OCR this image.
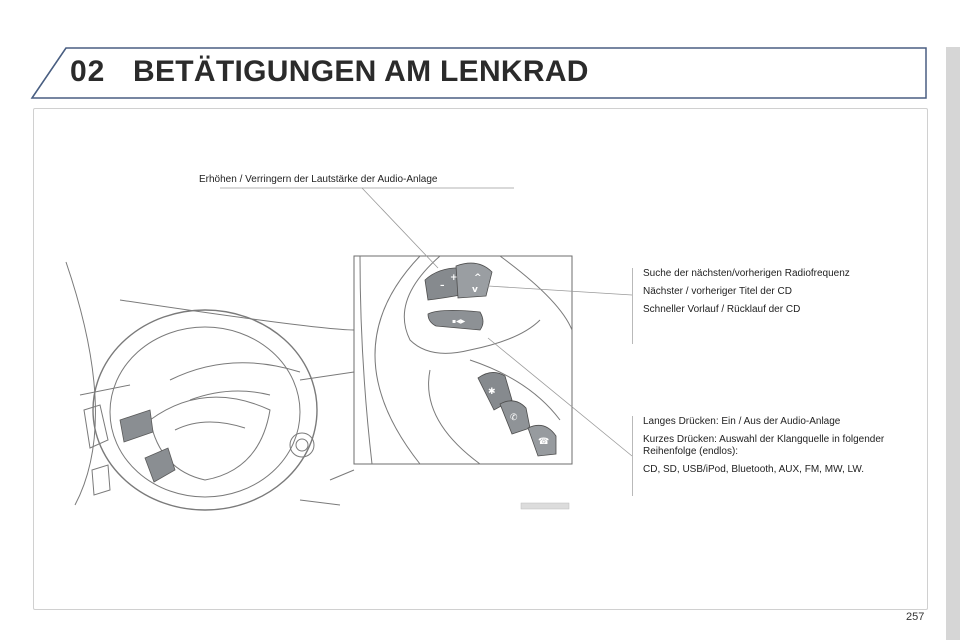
02 BETÄTIGUNGEN AM LENKRAD
–
+ ^
v
▪◀▶
✱
✆
☎
Erhöhen / Verringern der Lautstärke der Audio-Anlage

Suche der nächsten/vorherigen Radiofrequenz

Nächster / vorheriger Titel der CD

Schneller Vorlauf / Rücklauf der CD

Langes Drücken: Ein / Aus der Audio-Anlage

Kurzes Drücken: Auswahl der Klangquelle in folgender Reihenfolge (endlos):

CD, SD, USB/iPod, Bluetooth, AUX, FM, MW, LW.

257
